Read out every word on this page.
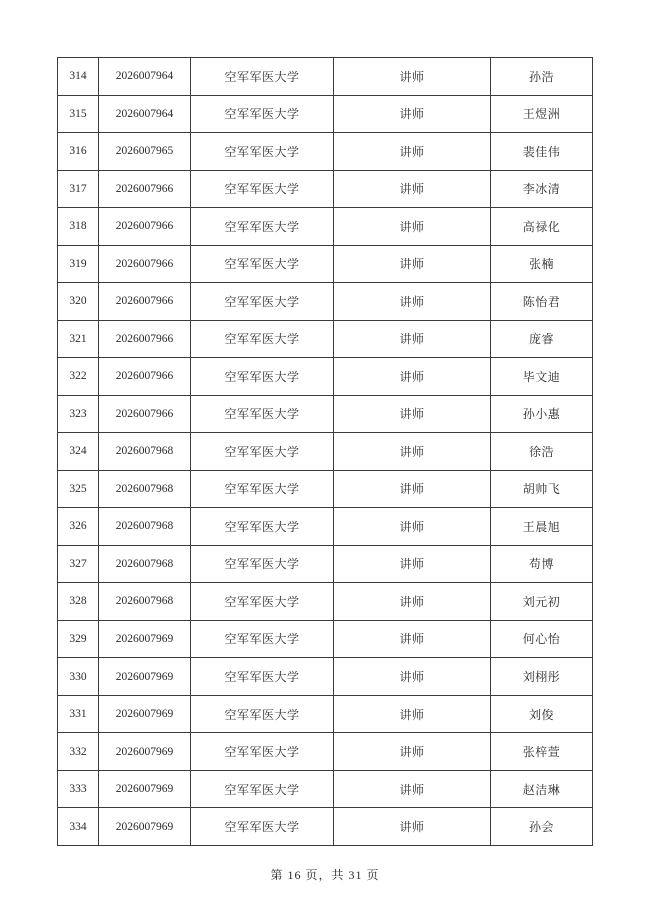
314	2026007964	空军军医大学	讲师	孙浩
315	2026007964	空军军医大学	讲师	王煜洲
316	2026007965	空军军医大学	讲师	裴佳伟
317	2026007966	空军军医大学	讲师	李冰清
318	2026007966	空军军医大学	讲师	高禄化
319	2026007966	空军军医大学	讲师	张楠
320	2026007966	空军军医大学	讲师	陈怡君
321	2026007966	空军军医大学	讲师	庞睿
322	2026007966	空军军医大学	讲师	毕文迪
323	2026007966	空军军医大学	讲师	孙小惠
324	2026007968	空军军医大学	讲师	徐浩
325	2026007968	空军军医大学	讲师	胡帅飞
326	2026007968	空军军医大学	讲师	王晨旭
327	2026007968	空军军医大学	讲师	苟博
328	2026007968	空军军医大学	讲师	刘元初
329	2026007969	空军军医大学	讲师	何心怡
330	2026007969	空军军医大学	讲师	刘栩彤
331	2026007969	空军军医大学	讲师	刘俊
332	2026007969	空军军医大学	讲师	张梓萱
333	2026007969	空军军医大学	讲师	赵洁琳
334	2026007969	空军军医大学	讲师	孙会
第 16 页，共 31 页
